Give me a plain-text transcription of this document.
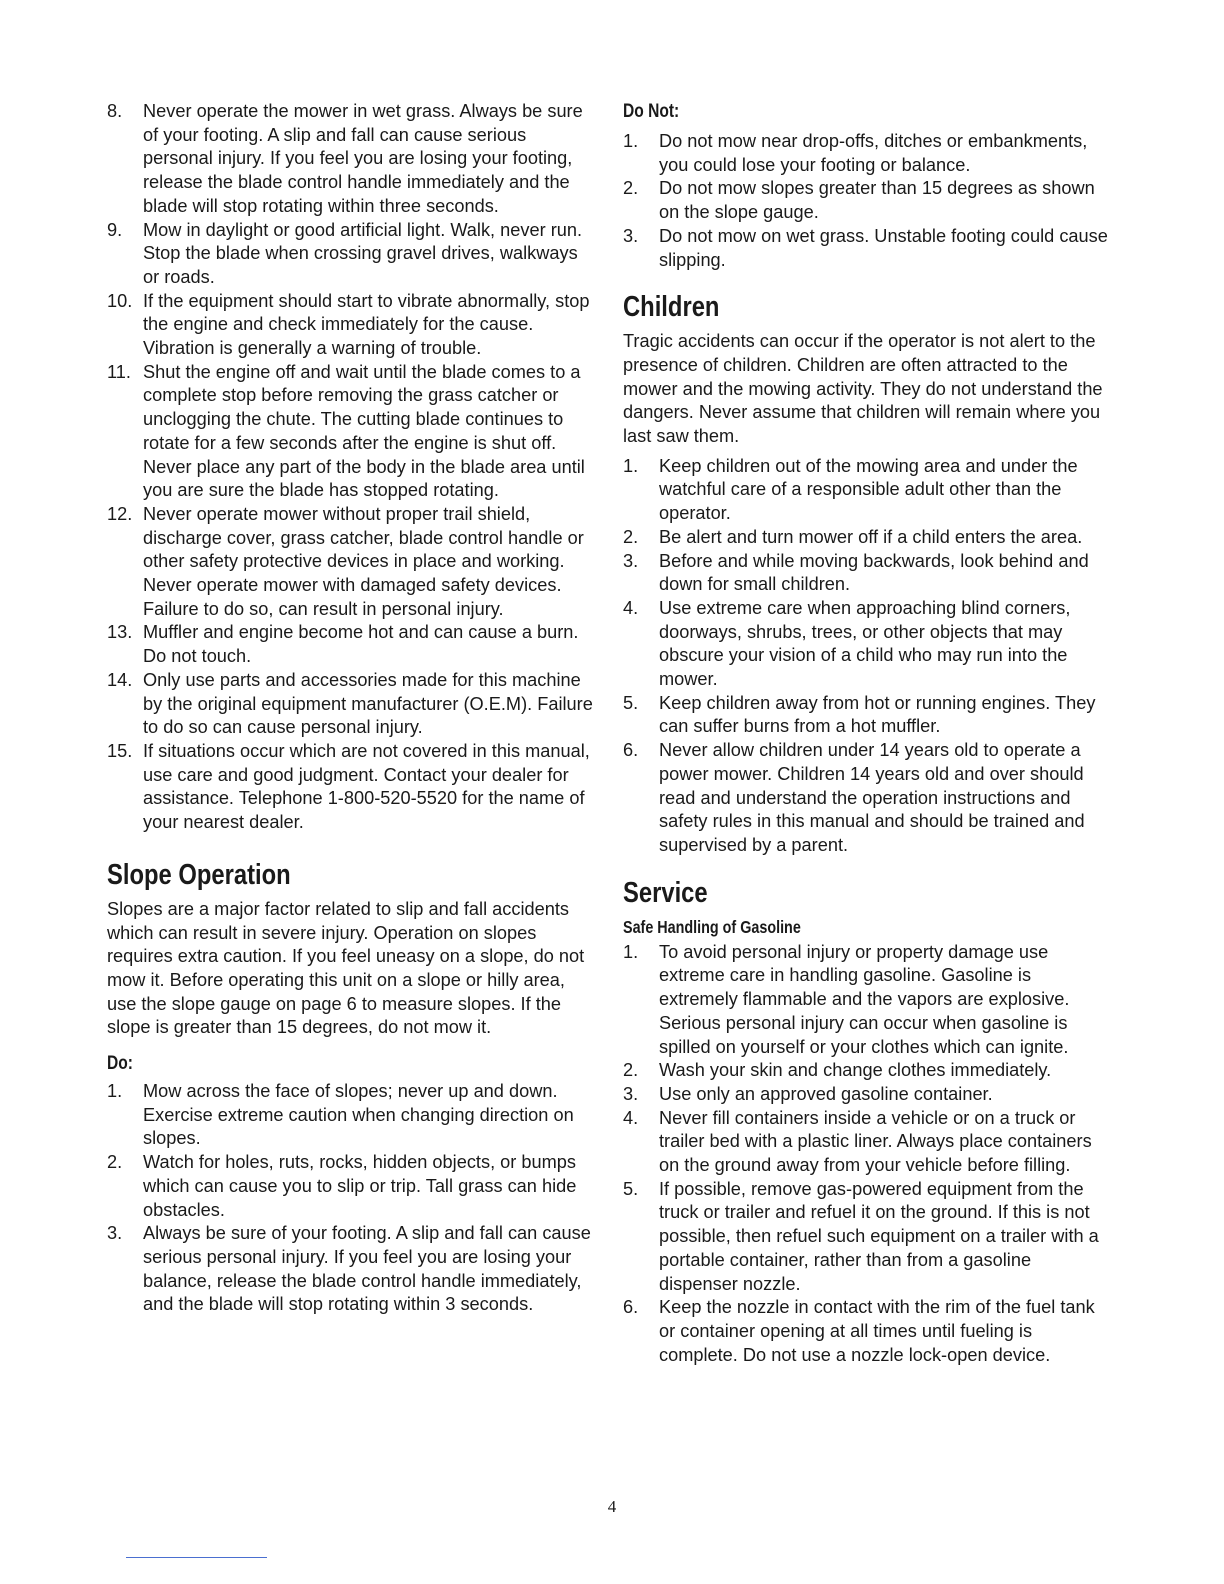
8. Never operate the mower in wet grass. Always be sure of your footing. A slip and fall can cause serious personal injury. If you feel you are losing your footing, release the blade control handle immediately and the blade will stop rotating within three seconds.
9. Mow in daylight or good artificial light. Walk, never run. Stop the blade when crossing gravel drives, walkways or roads.
10. If the equipment should start to vibrate abnormally, stop the engine and check immediately for the cause. Vibration is generally a warning of trouble.
11. Shut the engine off and wait until the blade comes to a complete stop before removing the grass catcher or unclogging the chute. The cutting blade continues to rotate for a few seconds after the engine is shut off. Never place any part of the body in the blade area until you are sure the blade has stopped rotating.
12. Never operate mower without proper trail shield, discharge cover, grass catcher, blade control handle or other safety protective devices in place and working. Never operate mower with damaged safety devices. Failure to do so, can result in personal injury.
13. Muffler and engine become hot and can cause a burn. Do not touch.
14. Only use parts and accessories made for this machine by the original equipment manufacturer (O.E.M). Failure to do so can cause personal injury.
15. If situations occur which are not covered in this manual, use care and good judgment. Contact your dealer for assistance. Telephone 1-800-520-5520 for the name of your nearest dealer.
Slope Operation

Slopes are a major factor related to slip and fall accidents which can result in severe injury. Operation on slopes requires extra caution. If you feel uneasy on a slope, do not mow it. Before operating this unit on a slope or hilly area, use the slope gauge on page 6 to measure slopes. If the slope is greater than 15 degrees, do not mow it.

Do:
1. Mow across the face of slopes; never up and down. Exercise extreme caution when changing direction on slopes.
2. Watch for holes, ruts, rocks, hidden objects, or bumps which can cause you to slip or trip. Tall grass can hide obstacles.
3. Always be sure of your footing. A slip and fall can cause serious personal injury. If you feel you are losing your balance, release the blade control handle immediately, and the blade will stop rotating within 3 seconds.
Do Not:
1. Do not mow near drop-offs, ditches or embankments, you could lose your footing or balance.
2. Do not mow slopes greater than 15 degrees as shown on the slope gauge.
3. Do not mow on wet grass. Unstable footing could cause slipping.
Children

Tragic accidents can occur if the operator is not alert to the presence of children. Children are often attracted to the mower and the mowing activity. They do not understand the dangers. Never assume that children will remain where you last saw them.

1. Keep children out of the mowing area and under the watchful care of a responsible adult other than the operator.
2. Be alert and turn mower off if a child enters the area.
3. Before and while moving backwards, look behind and down for small children.
4. Use extreme care when approaching blind corners, doorways, shrubs, trees, or other objects that may obscure your vision of a child who may run into the mower.
5. Keep children away from hot or running engines. They can suffer burns from a hot muffler.
6. Never allow children under 14 years old to operate a power mower. Children 14 years old and over should read and understand the operation instructions and safety rules in this manual and should be trained and supervised by a parent.
Service
Safe Handling of Gasoline
1. To avoid personal injury or property damage use extreme care in handling gasoline. Gasoline is extremely flammable and the vapors are explosive. Serious personal injury can occur when gasoline is spilled on yourself or your clothes which can ignite.
2. Wash your skin and change clothes immediately.
3. Use only an approved gasoline container.
4. Never fill containers inside a vehicle or on a truck or trailer bed with a plastic liner. Always place containers on the ground away from your vehicle before filling.
5. If possible, remove gas-powered equipment from the truck or trailer and refuel it on the ground. If this is not possible, then refuel such equipment on a trailer with a portable container, rather than from a gasoline dispenser nozzle.
6. Keep the nozzle in contact with the rim of the fuel tank or container opening at all times until fueling is complete. Do not use a nozzle lock-open device.
4
